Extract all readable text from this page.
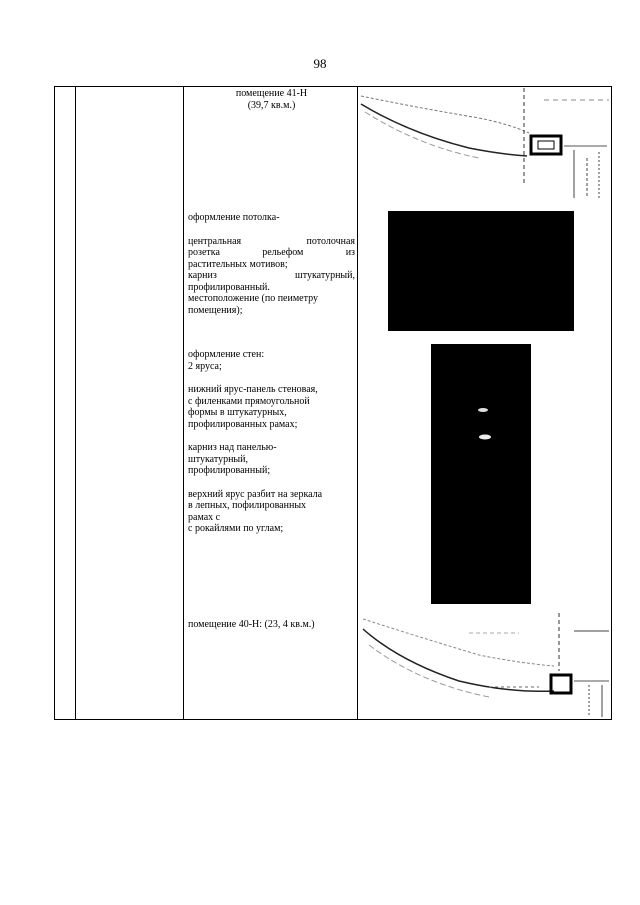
98
помещение 41-Н
(39,7 кв.м.)
оформление потолка-
центральная потолочная
розетка рельефом из
растительных мотивов;
карниз штукатурный,
профилированный.
местоположение (по пеиметру
помещения);
оформление стен:
2 яруса;
нижний ярус-панель стеновая,
с филенками прямоугольной
формы в штукатурных,
профилированных рамах;
карниз над панелью-
штукатурный,
профилированный;
верхний ярус разбит на зеркала
в лепных, пофилированных
рамах с
с рокайлями по углам;
помещение 40-Н: (23, 4 кв.м.)
